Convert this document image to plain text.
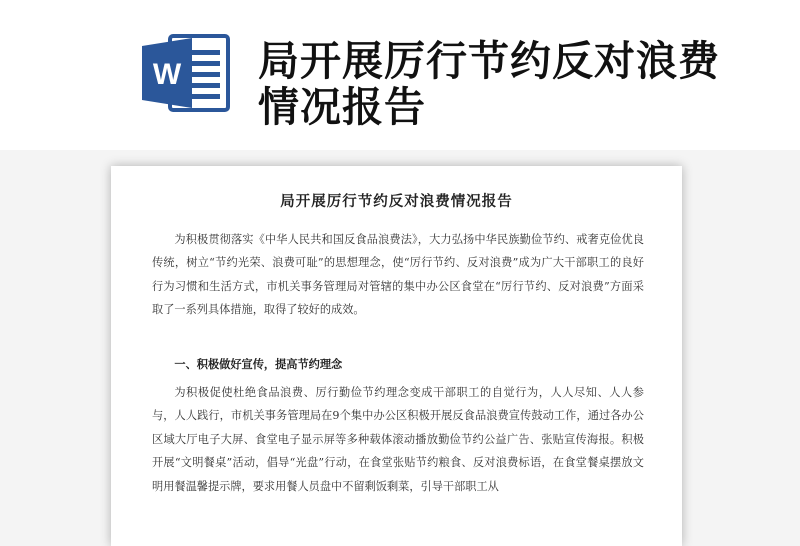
W 局开展厉行节约反对浪费情况报告
局开展厉行节约反对浪费情况报告

为积极贯彻落实《中华人民共和国反食品浪费法》，大力弘扬中华民族勤俭节约、戒奢克俭优良传统，树立“节约光荣、浪费可耻”的思想理念，使“厉行节约、反对浪费”成为广大干部职工的良好行为习惯和生活方式，市机关事务管理局对管辖的集中办公区食堂在“厉行节约、反对浪费”方面采取了一系列具体措施，取得了较好的成效。

一、积极做好宣传，提高节约理念

为积极促使杜绝食品浪费、厉行勤俭节约理念变成干部职工的自觉行为，人人尽知、人人参与，人人践行，市机关事务管理局在9个集中办公区积极开展反食品浪费宣传鼓动工作，通过各办公区域大厅电子大屏、食堂电子显示屏等多种载体滚动播放勤俭节约公益广告、张贴宣传海报。积极开展“文明餐桌”活动，倡导“光盘”行动，在食堂张贴节约粮食、反对浪费标语，在食堂餐桌摆放文明用餐温馨提示牌，要求用餐人员盘中不留剩饭剩菜，引导干部职工从
